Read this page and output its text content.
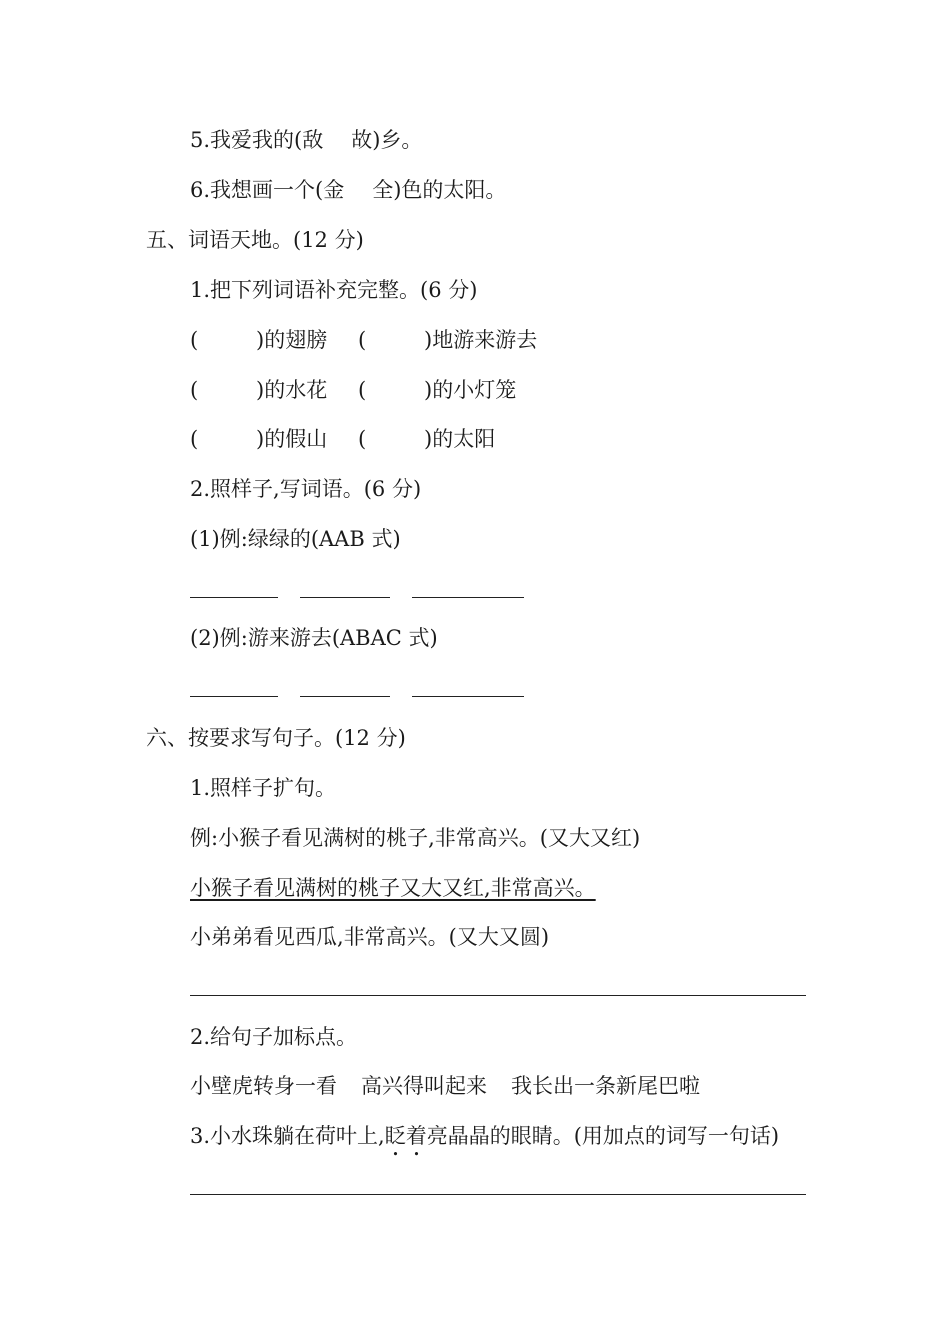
5.我爱我的(敌 故)乡。
6.我想画一个(金 全)色的太阳。
五、词语天地。(12 分)
1.把下列词语补充完整。(6 分)
(	)的翅膀 (	)地游来游去
(	)的水花 (	)的小灯笼
(	)的假山 (	)的太阳
2.照样子,写词语。(6 分)
(1)例:绿绿的(AAB 式)
(2)例:游来游去(ABAC 式)
六、按要求写句子。(12 分)
1.照样子扩句。
例:小猴子看见满树的桃子,非常高兴。(又大又红)
小猴子看见满树的桃子又大又红,非常高兴。
小弟弟看见西瓜,非常高兴。(又大又圆)
2.给句子加标点。
小壁虎转身一看 高兴得叫起来 我长出一条新尾巴啦
3.小水珠躺在荷叶上,眨着亮晶晶的眼睛。(用加点的词写一句话)
